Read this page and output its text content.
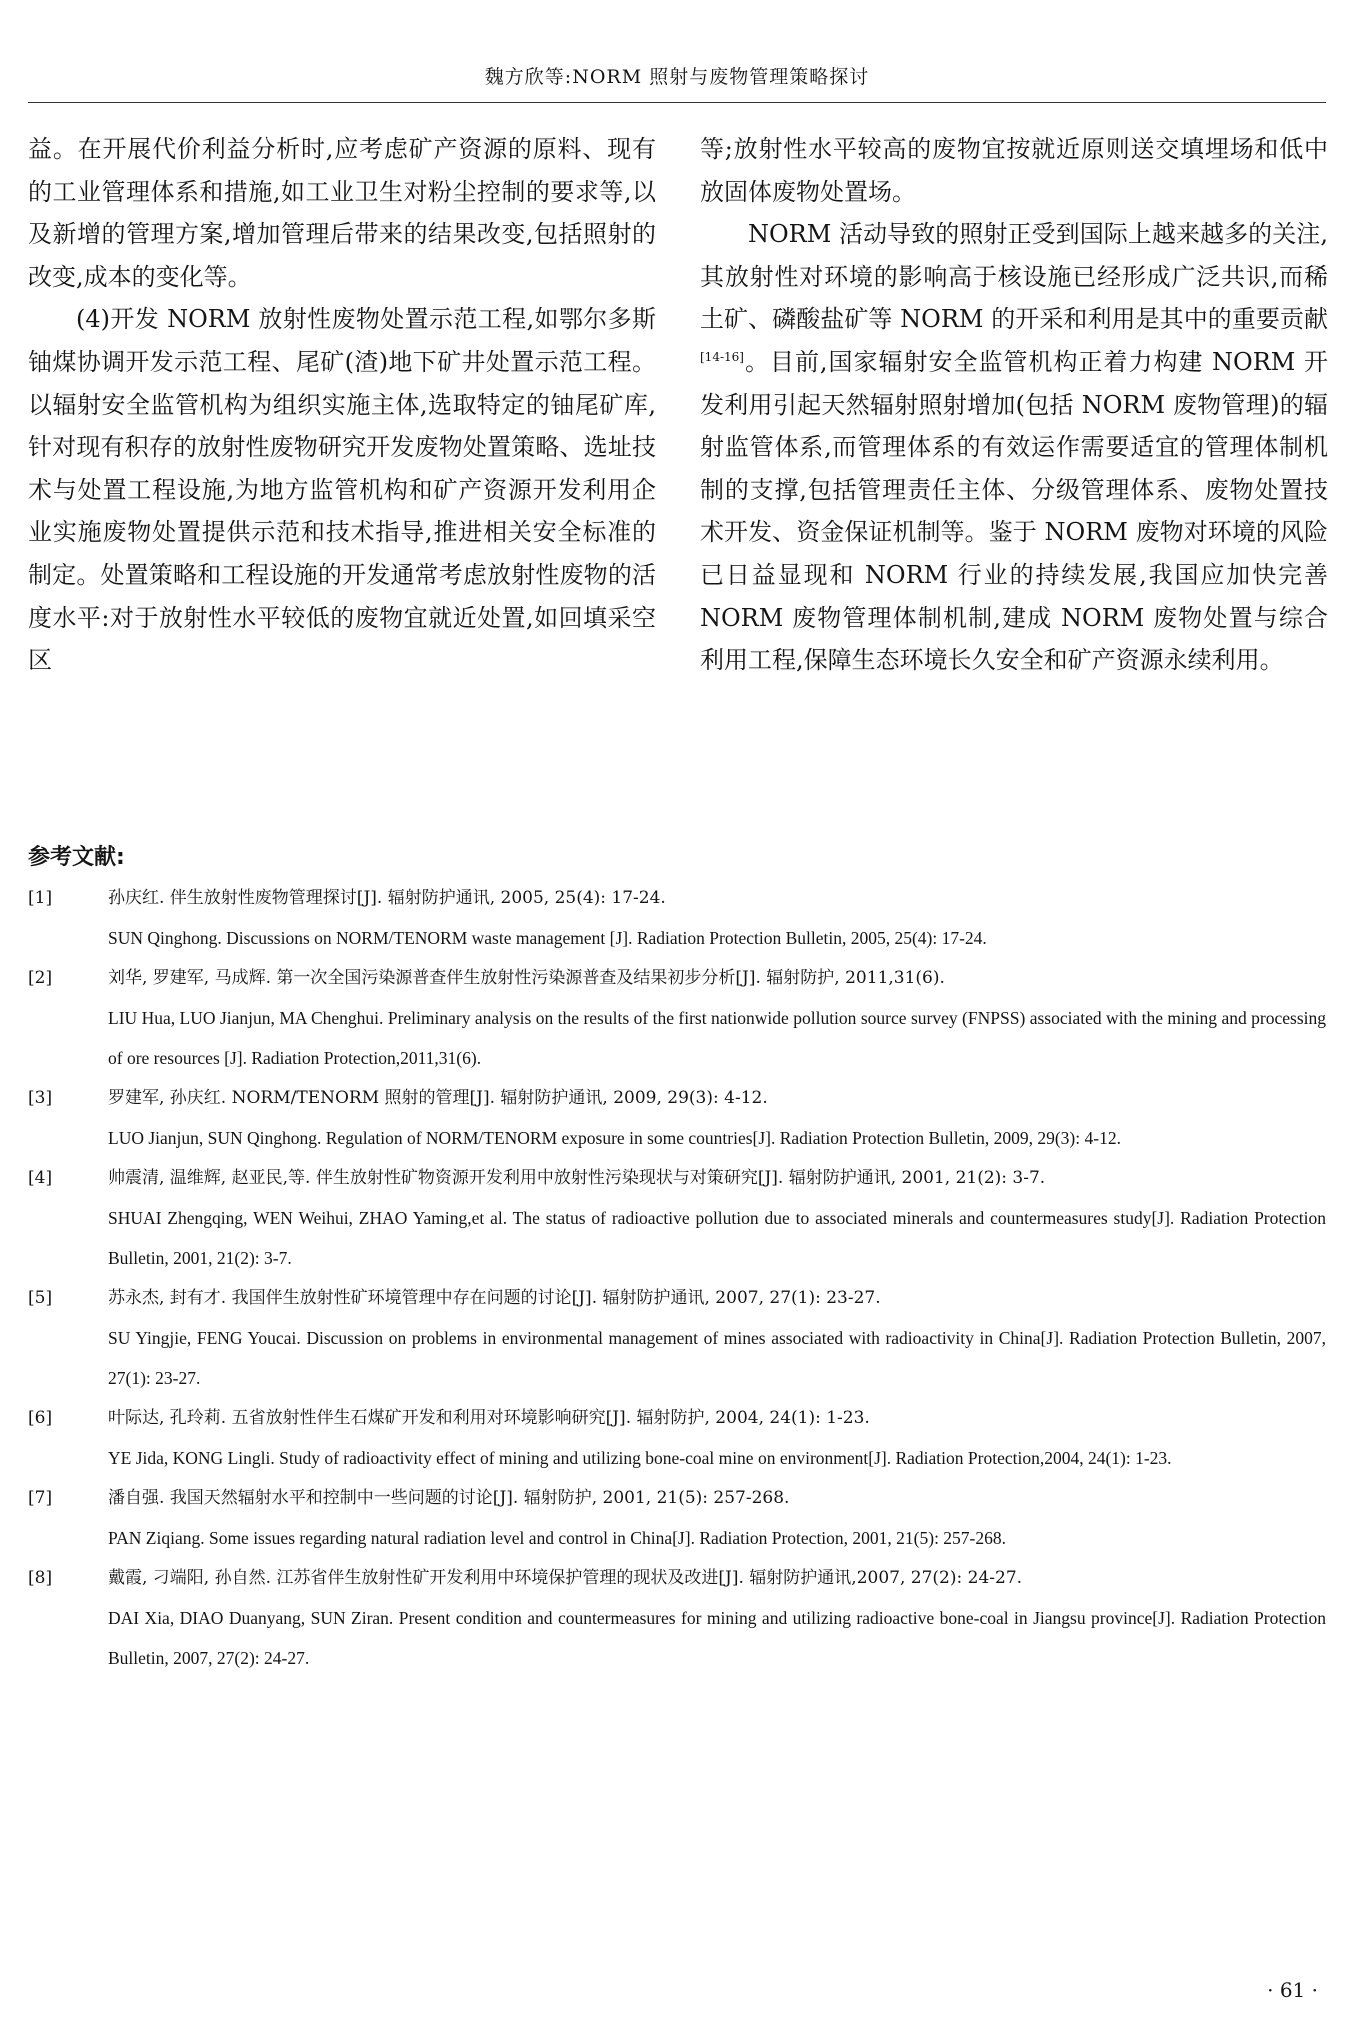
魏方欣等:NORM 照射与废物管理策略探讨

益。在开展代价利益分析时,应考虑矿产资源的原料、现有的工业管理体系和措施,如工业卫生对粉尘控制的要求等,以及新增的管理方案,增加管理后带来的结果改变,包括照射的改变,成本的变化等。

(4)开发 NORM 放射性废物处置示范工程,如鄂尔多斯铀煤协调开发示范工程、尾矿(渣)地下矿井处置示范工程。以辐射安全监管机构为组织实施主体,选取特定的铀尾矿库,针对现有积存的放射性废物研究开发废物处置策略、选址技术与处置工程设施,为地方监管机构和矿产资源开发利用企业实施废物处置提供示范和技术指导,推进相关安全标准的制定。处置策略和工程设施的开发通常考虑放射性废物的活度水平:对于放射性水平较低的废物宜就近处置,如回填采空区

等;放射性水平较高的废物宜按就近原则送交填埋场和低中放固体废物处置场。

NORM 活动导致的照射正受到国际上越来越多的关注,其放射性对环境的影响高于核设施已经形成广泛共识,而稀土矿、磷酸盐矿等 NORM 的开采和利用是其中的重要贡献[14-16]。目前,国家辐射安全监管机构正着力构建 NORM 开发利用引起天然辐射照射增加(包括 NORM 废物管理)的辐射监管体系,而管理体系的有效运作需要适宜的管理体制机制的支撑,包括管理责任主体、分级管理体系、废物处置技术开发、资金保证机制等。鉴于 NORM 废物对环境的风险已日益显现和 NORM 行业的持续发展,我国应加快完善 NORM 废物管理体制机制,建成 NORM 废物处置与综合利用工程,保障生态环境长久安全和矿产资源永续利用。

参考文献:
[1]	孙庆红. 伴生放射性废物管理探讨[J]. 辐射防护通讯, 2005, 25(4): 17-24.

SUN Qinghong. Discussions on NORM/TENORM waste management [J]. Radiation Protection Bulletin, 2005, 25(4): 17-24.

[2]	刘华, 罗建军, 马成辉. 第一次全国污染源普查伴生放射性污染源普查及结果初步分析[J]. 辐射防护, 2011,31(6).

LIU Hua, LUO Jianjun, MA Chenghui. Preliminary analysis on the results of the first nationwide pollution source survey (FNPSS) associated with the mining and processing of ore resources [J]. Radiation Protection,2011,31(6).

[3]	罗建军, 孙庆红. NORM/TENORM 照射的管理[J]. 辐射防护通讯, 2009, 29(3): 4-12.

LUO Jianjun, SUN Qinghong. Regulation of NORM/TENORM exposure in some countries[J]. Radiation Protection Bulletin, 2009, 29(3): 4-12.

[4]	帅震清, 温维辉, 赵亚民,等. 伴生放射性矿物资源开发利用中放射性污染现状与对策研究[J]. 辐射防护通讯, 2001, 21(2): 3-7.

SHUAI Zhengqing, WEN Weihui, ZHAO Yaming,et al. The status of radioactive pollution due to associated minerals and countermeasures study[J]. Radiation Protection Bulletin, 2001, 21(2): 3-7.

[5]	苏永杰, 封有才. 我国伴生放射性矿环境管理中存在问题的讨论[J]. 辐射防护通讯, 2007, 27(1): 23-27.

SU Yingjie, FENG Youcai. Discussion on problems in environmental management of mines associated with radioactivity in China[J]. Radiation Protection Bulletin, 2007, 27(1): 23-27.

[6]	叶际达, 孔玲莉. 五省放射性伴生石煤矿开发和利用对环境影响研究[J]. 辐射防护, 2004, 24(1): 1-23.

YE Jida, KONG Lingli. Study of radioactivity effect of mining and utilizing bone-coal mine on environment[J]. Radiation Protection,2004, 24(1): 1-23.

[7]	潘自强. 我国天然辐射水平和控制中一些问题的讨论[J]. 辐射防护, 2001, 21(5): 257-268.

PAN Ziqiang. Some issues regarding natural radiation level and control in China[J]. Radiation Protection, 2001, 21(5): 257-268.

[8]	戴霞, 刁端阳, 孙自然. 江苏省伴生放射性矿开发利用中环境保护管理的现状及改进[J]. 辐射防护通讯,2007, 27(2): 24-27.

DAI Xia, DIAO Duanyang, SUN Ziran. Present condition and countermeasures for mining and utilizing radioactive bone-coal in Jiangsu province[J]. Radiation Protection Bulletin, 2007, 27(2): 24-27.

· 61 ·
